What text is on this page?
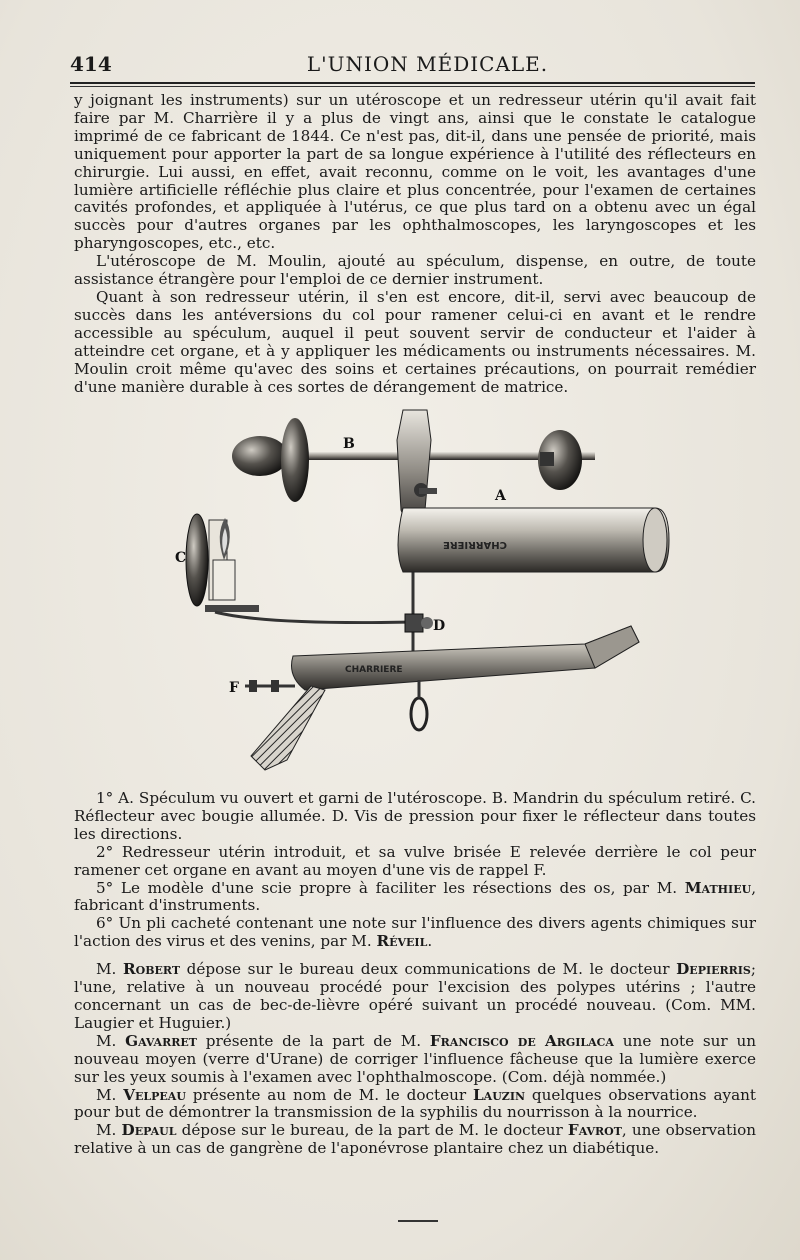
414	L'UNION MÉDICALE.

y joignant les instruments) sur un utéroscope et un redresseur utérin qu'il avait fait faire par M. Charrière il y a plus de vingt ans, ainsi que le constate le catalogue imprimé de ce fabricant de 1844. Ce n'est pas, dit-il, dans une pensée de priorité, mais uniquement pour apporter la part de sa longue expérience à l'utilité des réflecteurs en chirurgie. Lui aussi, en effet, avait reconnu, comme on le voit, les avantages d'une lumière artificielle réfléchie plus claire et plus concentrée, pour l'examen de certaines cavités profondes, et appliquée à l'utérus, ce que plus tard on a obtenu avec un égal succès pour d'autres organes par les ophthalmoscopes, les laryngoscopes et les pharyngoscopes, etc., etc.

L'utéroscope de M. Moulin, ajouté au spéculum, dispense, en outre, de toute assistance étrangère pour l'emploi de ce dernier instrument.

Quant à son redresseur utérin, il s'en est encore, dit-il, servi avec beaucoup de succès dans les antéversions du col pour ramener celui-ci en avant et le rendre accessible au spéculum, auquel il peut souvent servir de conducteur et l'aider à atteindre cet organe, et à y appliquer les médicaments ou instruments nécessaires. M. Moulin croit même qu'avec des soins et certaines précautions, on pourrait remédier d'une manière durable à ces sortes de dérangement de matrice.

CHARRIERE
CHARRIERE
B
A
C
D
F

1° A. Spéculum vu ouvert et garni de l'utéroscope. B. Mandrin du spéculum retiré. C. Réflecteur avec bougie allumée. D. Vis de pression pour fixer le réflecteur dans toutes les directions.

2° Redresseur utérin introduit, et sa vulve brisée E relevée derrière le col peur ramener cet organe en avant au moyen d'une vis de rappel F.

5° Le modèle d'une scie propre à faciliter les résections des os, par M. Mathieu, fabricant d'instruments.

6° Un pli cacheté contenant une note sur l'influence des divers agents chimiques sur l'action des virus et des venins, par M. Réveil.

M. Robert dépose sur le bureau deux communications de M. le docteur Depierris; l'une, relative à un nouveau procédé pour l'excision des polypes utérins ; l'autre concernant un cas de bec-de-lièvre opéré suivant un procédé nouveau. (Com. MM. Laugier et Huguier.)

M. Gavarret présente de la part de M. Francisco de Argilaca une note sur un nouveau moyen (verre d'Urane) de corriger l'influence fâcheuse que la lumière exerce sur les yeux soumis à l'examen avec l'ophthalmoscope. (Com. déjà nommée.)

M. Velpeau présente au nom de M. le docteur Lauzin quelques observations ayant pour but de démontrer la transmission de la syphilis du nourrisson à la nourrice.

M. Depaul dépose sur le bureau, de la part de M. le docteur Favrot, une observation relative à un cas de gangrène de l'aponévrose plantaire chez un diabétique.
